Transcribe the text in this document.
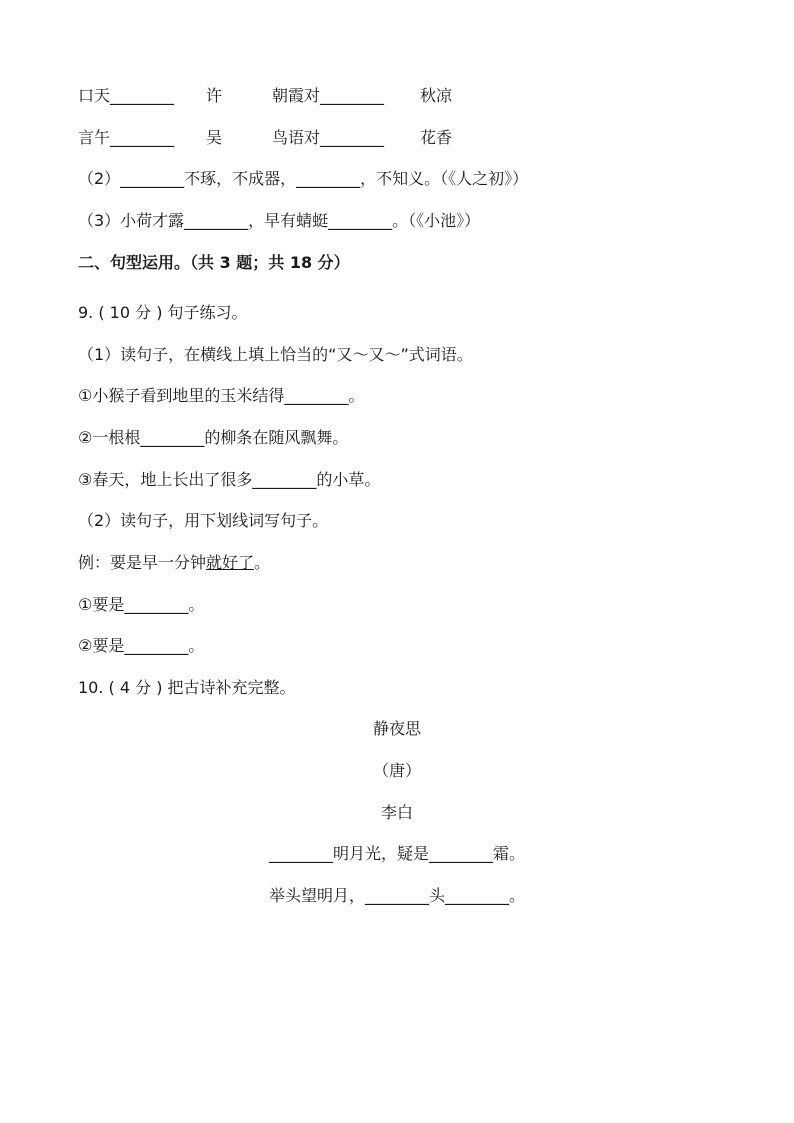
口天________ 许	朝霞对________ 秋凉
言午________ 吴	鸟语对________ 花香
（2）________不琢，不成器，________，不知义。（《人之初》）
（3）小荷才露________，早有蜻蜓________。（《小池》）
二、句型运用。（共 3 题；共 18 分）
9. ( 10 分 ) 句子练习。
（1）读句子，在横线上填上恰当的“又～又～”式词语。
①小猴子看到地里的玉米结得________。
②一根根________的柳条在随风飘舞。
③春天，地上长出了很多________的小草。
（2）读句子，用下划线词写句子。
例：要是早一分钟就好了。
①要是________。
②要是________。
10. ( 4 分 ) 把古诗补充完整。
静夜思
（唐）
李白
________明月光，疑是________霜。
举头望明月，________头________。
